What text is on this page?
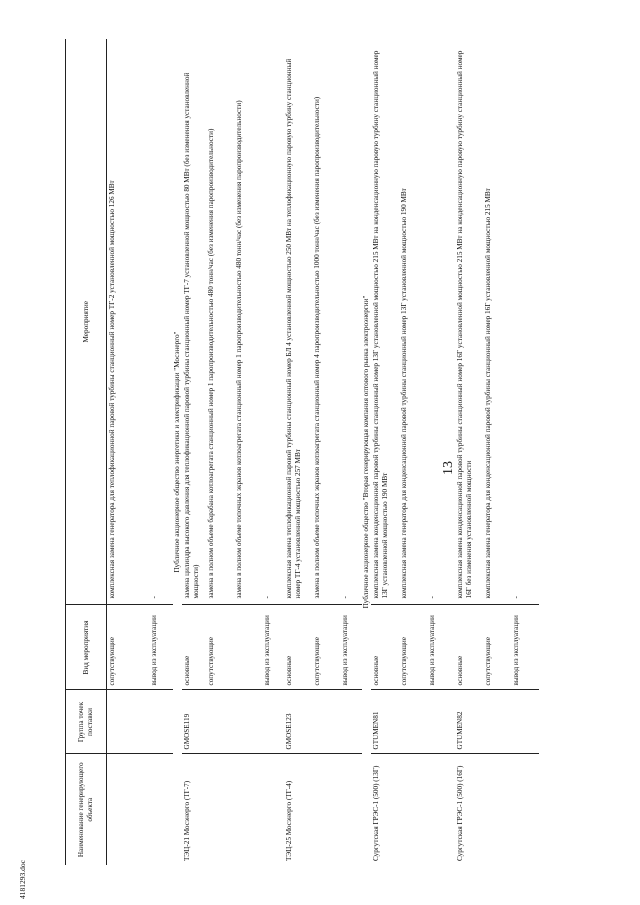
4181293.doc
13
Наименование генерирующего объекта	Группа точек поставки	Вид мероприятия	Мероприятие
		сопутствующие	комплексная замена генератора для теплофикационной паровой турбины станционный номер ТГ-2 установленной мощностью 126 МВт
		вывод из эксплуатации	-
Публичное акционерное общество энергетики и электрификации "Мосэнерго"			
ТЭЦ-21 Мосэнерго (ТГ-7)	GMOSE119	основные	замена цилиндра высокого давления для теплофикационной паровой турбины станционный номер ТГ-7 установленной мощностью 80 МВт (без изменения установленной мощности)
		сопутствующие	замена в полном объеме барабана котлоагрегата станционный номер 1 паропроизводительностью 480 тонн/час (без изменения паропроизводительности)
			замена в полном объеме топочных экранов котлоагрегата станционный номер 1 паропроизводительностью 480 тонн/час (без изменения паропроизводительности)
		вывод из эксплуатации	-
ТЭЦ-25 Мосэнерго (ТГ-4)	GMOSE123	основные	комплексная замена теплофикационной паровой турбины станционный номер БЛ 4 установленной мощностью 250 МВт на теплофикационную паровую турбину станционный номер ТГ-4 установленной мощностью 257 МВт
		сопутствующие	замена в полном объеме топочных экранов котлоагрегата станционный номер 4 паропроизводительностью 1000 тонн/час (без изменения паропроизводительности)
		вывод из эксплуатации	-
Публичное акционерное общество "Вторая генерирующая компания оптового рынка электроэнергии"			
Сургутская ГРЭС-1 (500) (13Г)	GTUMEN81	основные	комплексная замена конденсационной паровой турбины станционный номер 13Г установленной мощностью 215 МВт на конденсационную паровую турбину станционный номер 13Г установленной мощностью 190 МВт
		сопутствующие	комплексная замена генератора для конденсационной паровой турбины станционный номер 13Г установленной мощностью 190 МВт
		вывод из эксплуатации	-
Сургутская ГРЭС-1 (500) (16Г)	GTUMEN82	основные	комплексная замена конденсационной паровой турбины станционный номер 16Г установленной мощностью 215 МВт на конденсационную паровую турбину станционный номер 16Г без изменения установленной мощности
		сопутствующие	комплексная замена генератора для конденсационной паровой турбины станционный номер 16Г установленной мощностью 215 МВт
		вывод из эксплуатации	-
